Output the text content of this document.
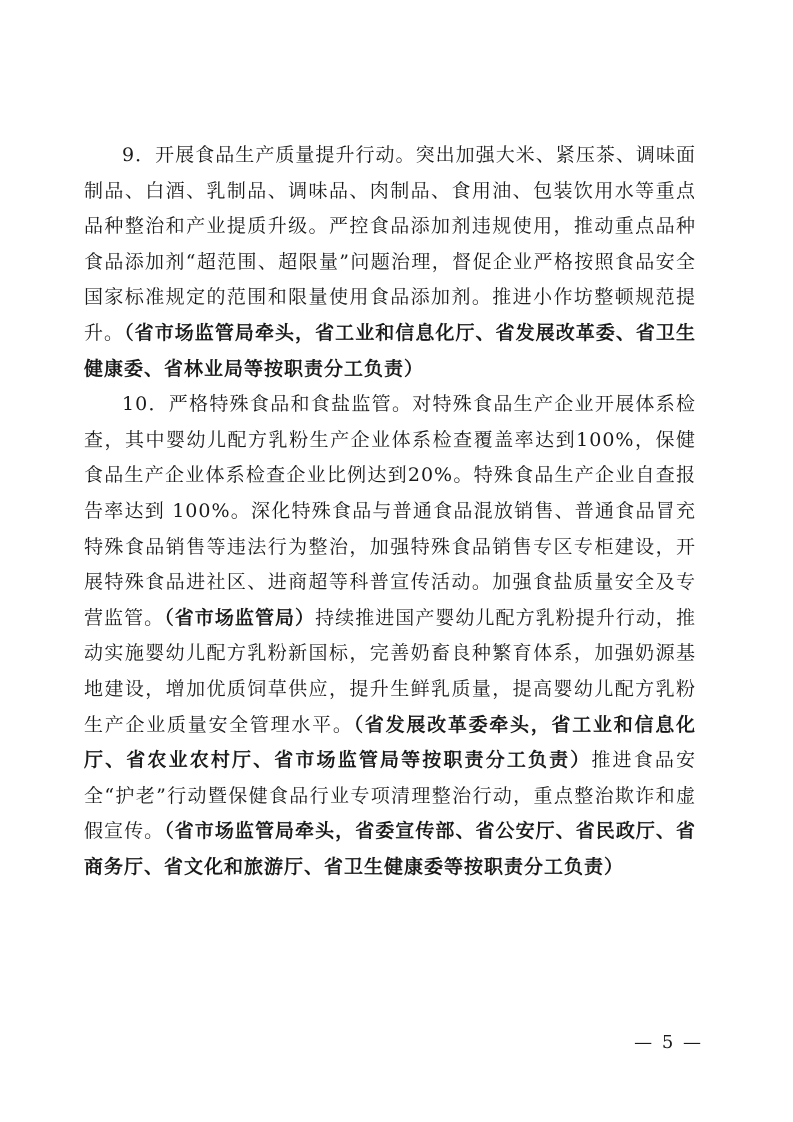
9．开展食品生产质量提升行动。突出加强大米、紧压茶、调味面制品、白酒、乳制品、调味品、肉制品、食用油、包装饮用水等重点品种整治和产业提质升级。严控食品添加剂违规使用，推动重点品种食品添加剂“超范围、超限量”问题治理，督促企业严格按照食品安全国家标准规定的范围和限量使用食品添加剂。推进小作坊整顿规范提升。（省市场监管局牵头，省工业和信息化厅、省发展改革委、省卫生健康委、省林业局等按职责分工负责）

10．严格特殊食品和食盐监管。对特殊食品生产企业开展体系检查，其中婴幼儿配方乳粉生产企业体系检查覆盖率达到100%，保健食品生产企业体系检查企业比例达到20%。特殊食品生产企业自查报告率达到 100%。深化特殊食品与普通食品混放销售、普通食品冒充特殊食品销售等违法行为整治，加强特殊食品销售专区专柜建设，开展特殊食品进社区、进商超等科普宣传活动。加强食盐质量安全及专营监管。（省市场监管局）持续推进国产婴幼儿配方乳粉提升行动，推动实施婴幼儿配方乳粉新国标，完善奶畜良种繁育体系，加强奶源基地建设，增加优质饲草供应，提升生鲜乳质量，提高婴幼儿配方乳粉生产企业质量安全管理水平。（省发展改革委牵头，省工业和信息化厅、省农业农村厅、省市场监管局等按职责分工负责）推进食品安全“护老”行动暨保健食品行业专项清理整治行动，重点整治欺诈和虚假宣传。（省市场监管局牵头，省委宣传部、省公安厅、省民政厅、省商务厅、省文化和旅游厅、省卫生健康委等按职责分工负责）

— 5 —
